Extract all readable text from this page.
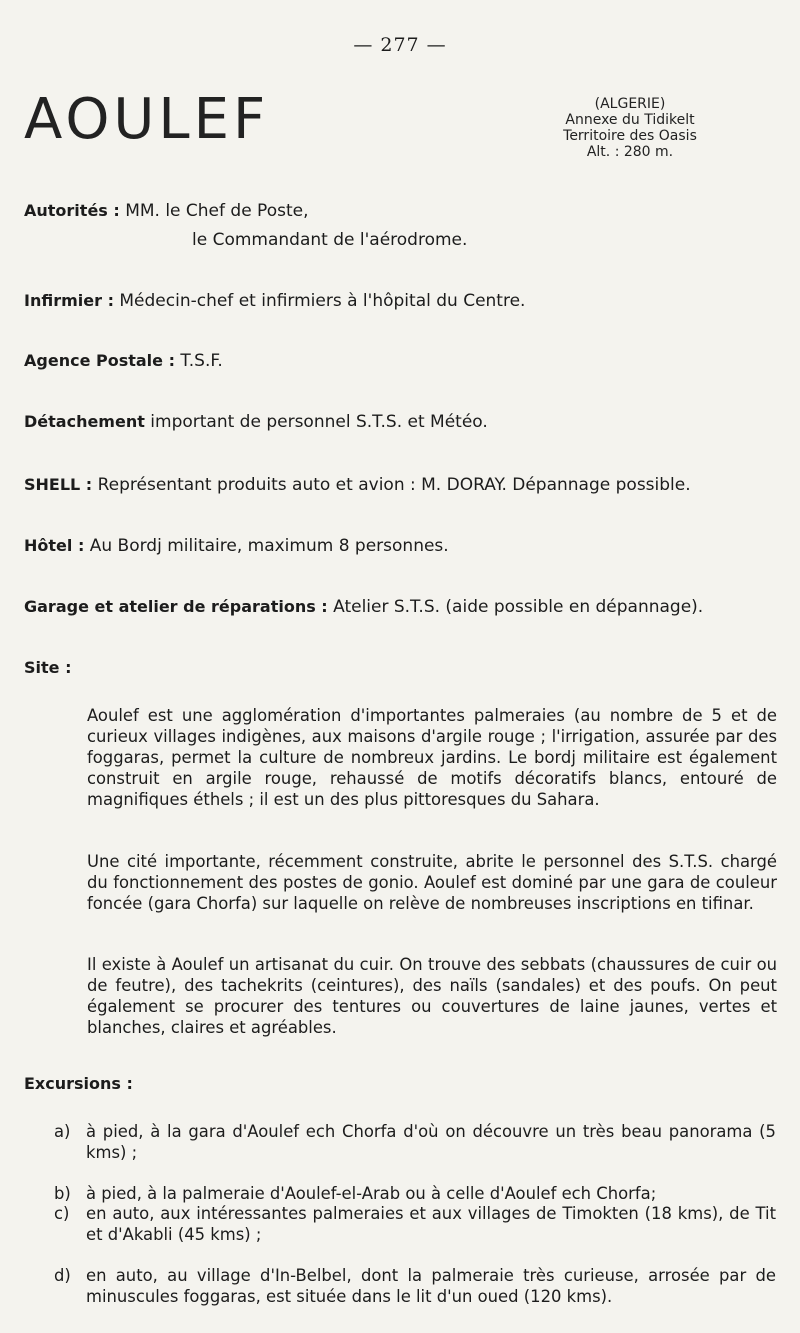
— 277 —
AOULEF	(ALGERIE)
Annexe du Tidikelt
Territoire des Oasis
Alt. : 280 m.
Autorités : MM. le Chef de Poste,
le Commandant de l'aérodrome.
Infirmier : Médecin-chef et infirmiers à l'hôpital du Centre.
Agence Postale : T.S.F.
Détachement important de personnel S.T.S. et Météo.
SHELL : Représentant produits auto et avion : M. DORAY. Dépannage possible.
Hôtel : Au Bordj militaire, maximum 8 personnes.
Garage et atelier de réparations : Atelier S.T.S. (aide possible en dépannage).
Site :
Aoulef est une agglomération d'importantes palmeraies (au nombre de 5 et de curieux villages indigènes, aux maisons d'argile rouge ; l'irrigation, assurée par des foggaras, permet la culture de nombreux jardins. Le bordj militaire est également construit en argile rouge, rehaussé de motifs décoratifs blancs, entouré de magnifiques éthels ; il est un des plus pittoresques du Sahara.
Une cité importante, récemment construite, abrite le personnel des S.T.S. chargé du fonctionnement des postes de gonio. Aoulef est dominé par une gara de couleur foncée (gara Chorfa) sur laquelle on relève de nombreuses inscriptions en tifinar.
Il existe à Aoulef un artisanat du cuir. On trouve des sebbats (chaussures de cuir ou de feutre), des tachekrits (ceintures), des naïls (sandales) et des poufs. On peut également se procurer des tentures ou couvertures de laine jaunes, vertes et blanches, claires et agréables.
Excursions :
a) à pied, à la gara d'Aoulef ech Chorfa d'où on découvre un très beau panorama (5 kms) ;
b) à pied, à la palmeraie d'Aoulef-el-Arab ou à celle d'Aoulef ech Chorfa;
c)	en auto, aux intéressantes palmeraies et aux villages de Timokten (18 kms), de Tit et d'Akabli (45 kms) ;
d) en auto, au village d'In-Belbel, dont la palmeraie très curieuse, arrosée par de minuscules foggaras, est située dans le lit d'un oued (120 kms).
